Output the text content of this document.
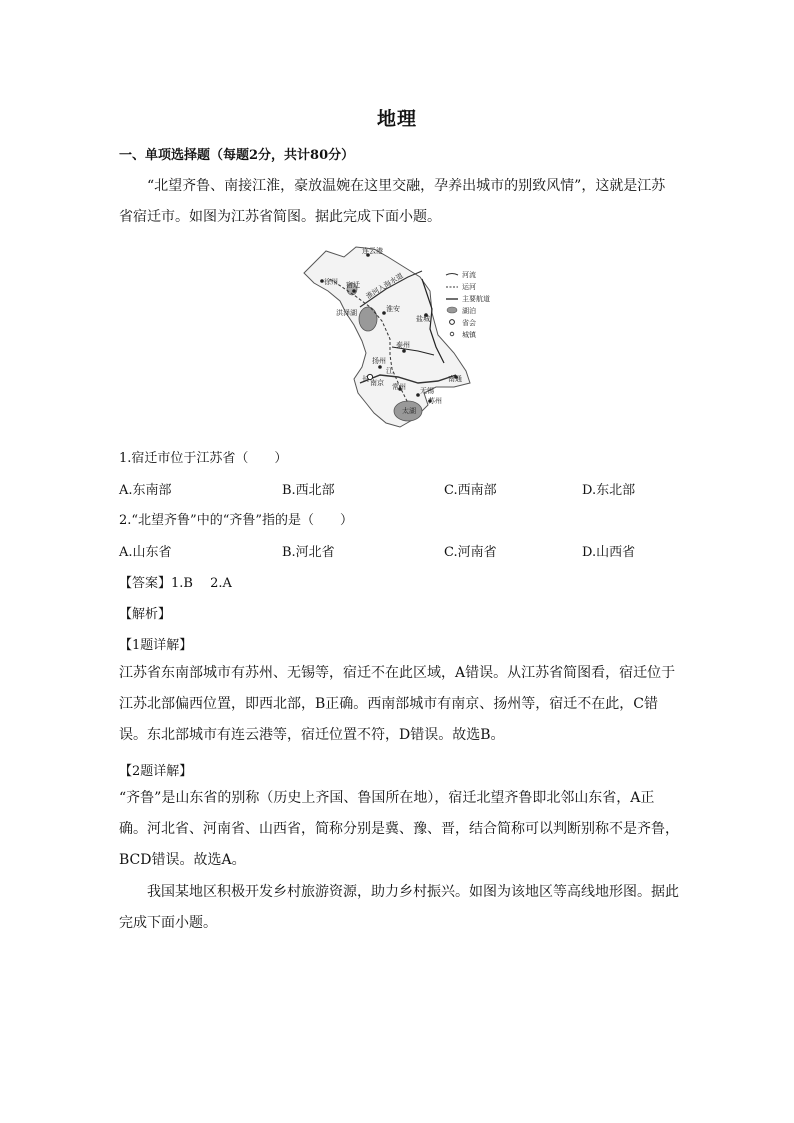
地理
一、单项选择题（每题2分，共计80分）

“北望齐鲁、南接江淮，豪放温婉在这里交融，孕养出城市的别致风情”，这就是江苏省宿迁市。如图为江苏省简图。据此完成下面小题。

连云港
徐州 宿迁
洪泽湖	淮安
盐城
泰州
扬州
南京	南通
常州 无锡
苏州
太湖
长
江
淮河入海水道	河流
运河
主要航道
湖泊
省会
城镇
1.宿迁市位于江苏省（　　）
A.东南部	B.西北部	C.西南部	D.东北部
2.“北望齐鲁”中的“齐鲁”指的是（　　）
A.山东省	B.河北省	C.河南省	D.山西省
【答案】1.B　 2.A
【解析】
【1题详解】

江苏省东南部城市有苏州、无锡等，宿迁不在此区域，A错误。从江苏省简图看，宿迁位于江苏北部偏西位置，即西北部，B正确。西南部城市有南京、扬州等，宿迁不在此，C错误。东北部城市有连云港等，宿迁位置不符，D错误。故选B。

【2题详解】

“齐鲁”是山东省的别称（历史上齐国、鲁国所在地），宿迁北望齐鲁即北邻山东省，A正确。河北省、河南省、山西省，简称分别是冀、豫、晋，结合简称可以判断别称不是齐鲁，BCD错误。故选A。

我国某地区积极开发乡村旅游资源，助力乡村振兴。如图为该地区等高线地形图。据此完成下面小题。
